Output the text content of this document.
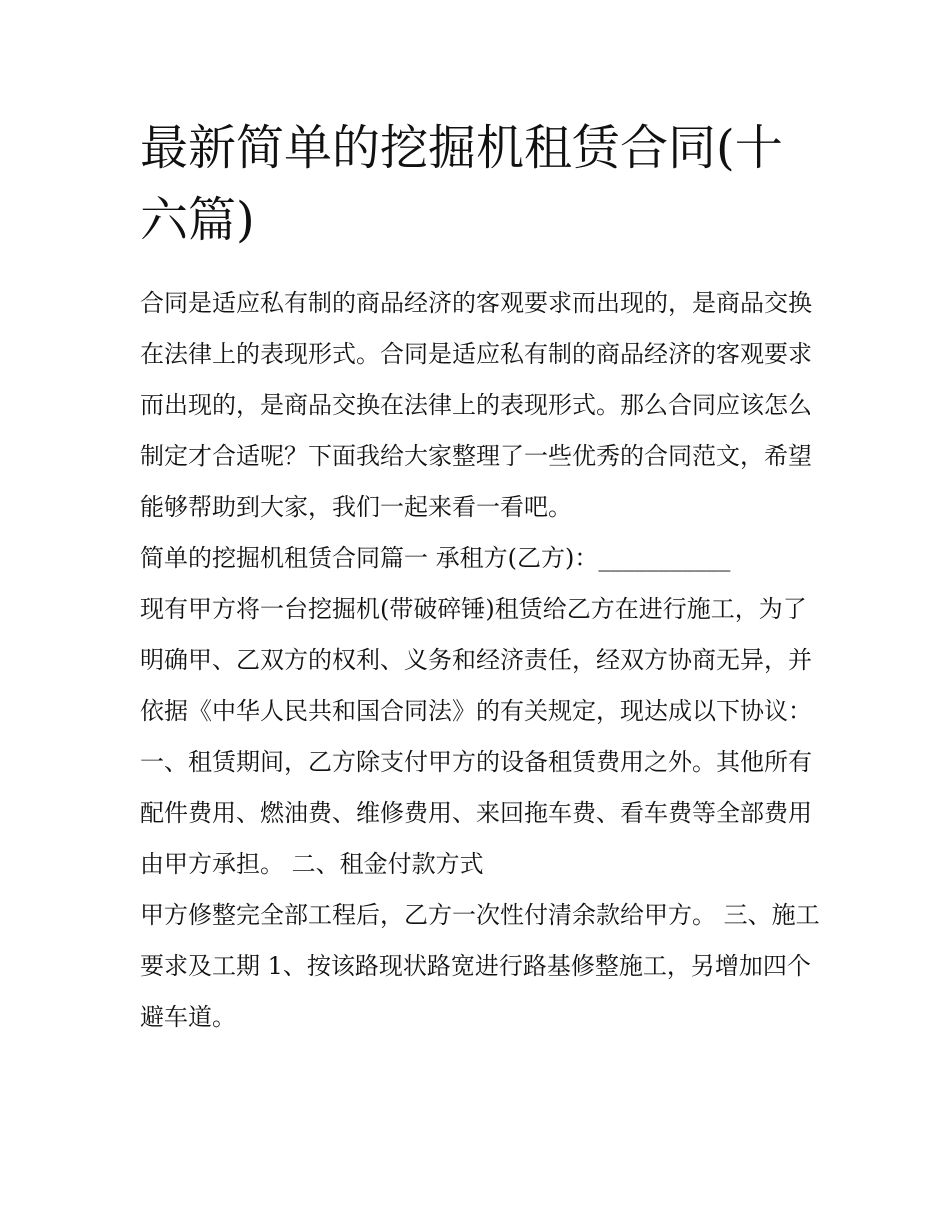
最新简单的挖掘机租赁合同(十六篇)

合同是适应私有制的商品经济的客观要求而出现的，是商品交换在法律上的表现形式。合同是适应私有制的商品经济的客观要求而出现的，是商品交换在法律上的表现形式。那么合同应该怎么制定才合适呢？下面我给大家整理了一些优秀的合同范文，希望能够帮助到大家，我们一起来看一看吧。

简单的挖掘机租赁合同篇一 承租方(乙方)：___________

现有甲方将一台挖掘机(带破碎锤)租赁给乙方在进行施工，为了明确甲、乙双方的权利、义务和经济责任，经双方协商无异，并依据《中华人民共和国合同法》的有关规定，现达成以下协议：

一、租赁期间，乙方除支付甲方的设备租赁费用之外。其他所有配件费用、燃油费、维修费用、来回拖车费、看车费等全部费用由甲方承担。 二、租金付款方式

甲方修整完全部工程后，乙方一次性付清余款给甲方。 三、施工要求及工期 1、按该路现状路宽进行路基修整施工，另增加四个避车道。
